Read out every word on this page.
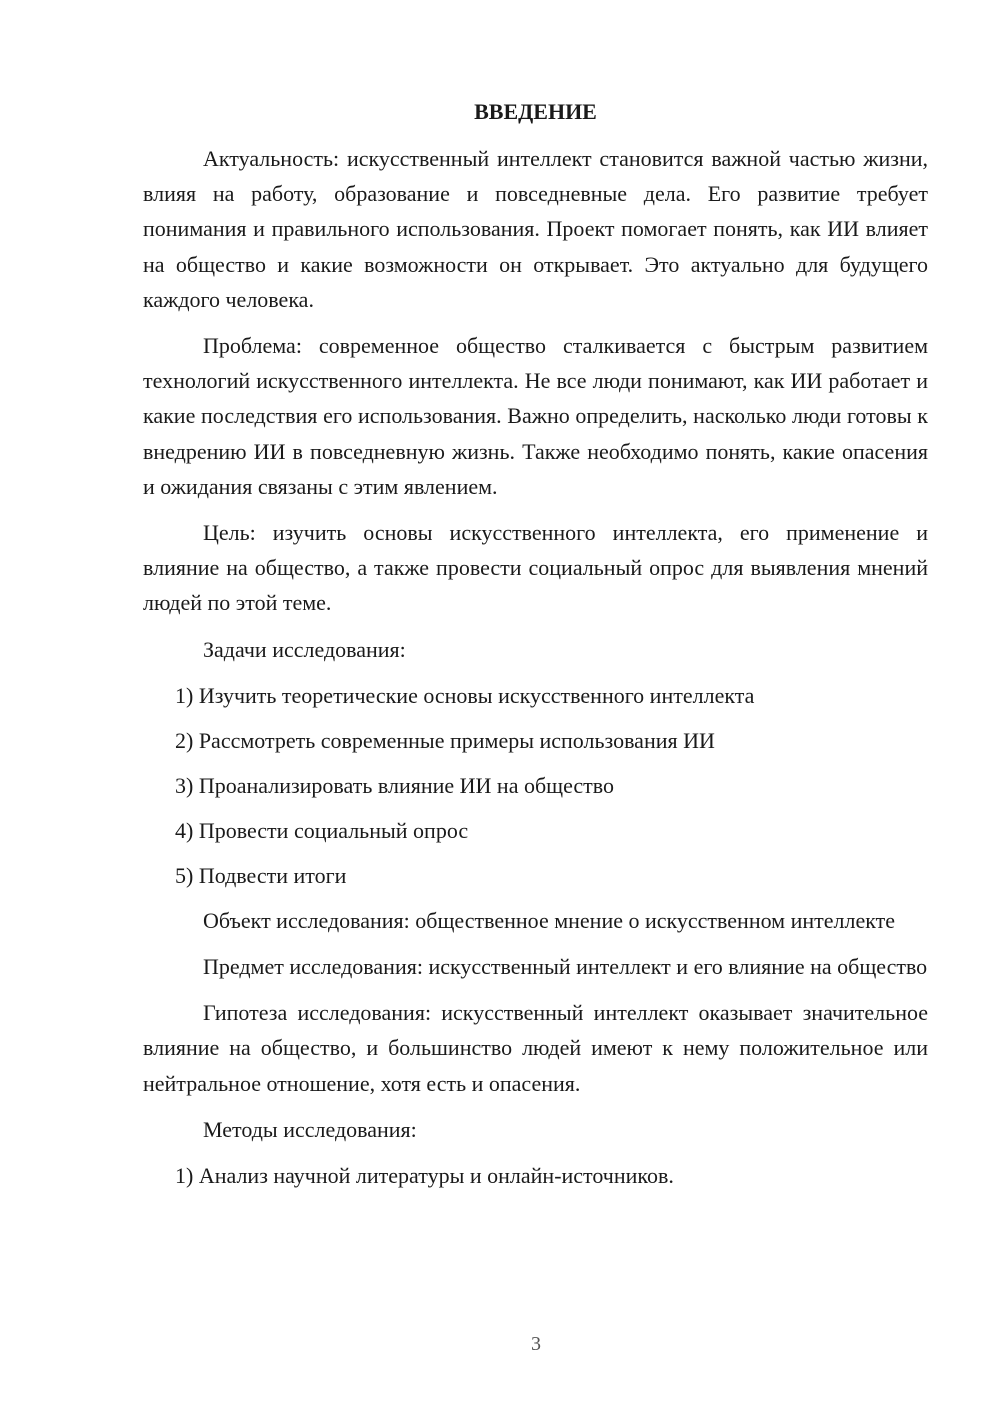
ВВЕДЕНИЕ

Актуальность: искусственный интеллект становится важной частью жизни, влияя на работу, образование и повседневные дела. Его развитие требует понимания и правильного использования. Проект помогает понять, как ИИ влияет на общество и какие возможности он открывает. Это актуально для будущего каждого человека.

Проблема: современное общество сталкивается с быстрым развитием технологий искусственного интеллекта. Не все люди понимают, как ИИ работает и какие последствия его использования. Важно определить, насколько люди готовы к внедрению ИИ в повседневную жизнь. Также необходимо понять, какие опасения и ожидания связаны с этим явлением.

Цель: изучить основы искусственного интеллекта, его применение и влияние на общество, а также провести социальный опрос для выявления мнений людей по этой теме.

Задачи исследования:

1) Изучить теоретические основы искусственного интеллекта
2) Рассмотреть современные примеры использования ИИ
3) Проанализировать влияние ИИ на общество
4) Провести социальный опрос
5) Подвести итоги

Объект исследования: общественное мнение о искусственном интеллекте

Предмет исследования: искусственный интеллект и его влияние на общество

Гипотеза исследования: искусственный интеллект оказывает значительное влияние на общество, и большинство людей имеют к нему положительное или нейтральное отношение, хотя есть и опасения.

Методы исследования:

1) Анализ научной литературы и онлайн-источников.
3
